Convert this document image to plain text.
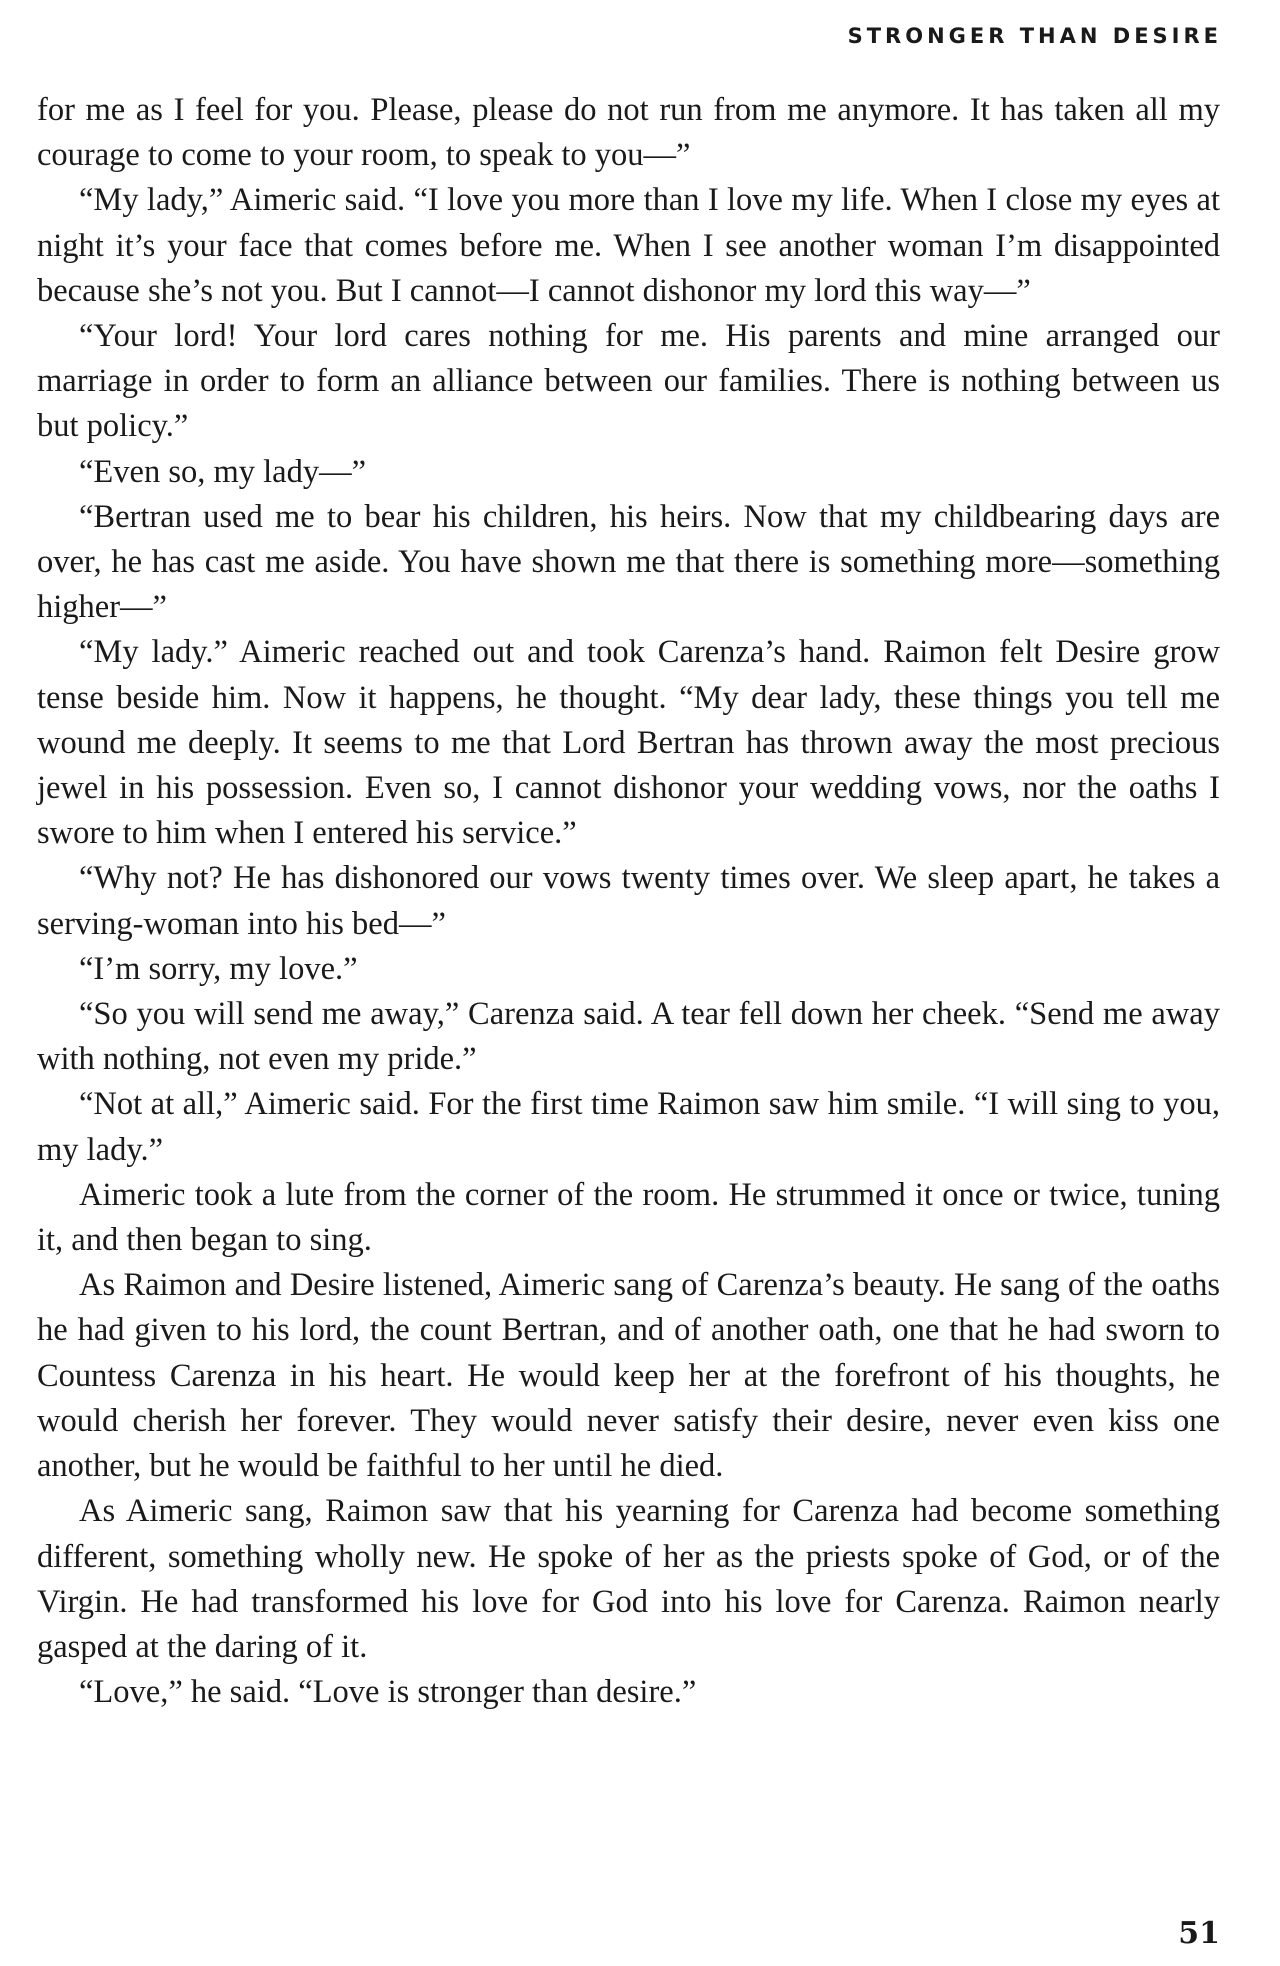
STRONGER THAN DESIRE

for me as I feel for you. Please, please do not run from me anymore. It has taken all my courage to come to your room, to speak to you—”

“My lady,” Aimeric said. “I love you more than I love my life. When I close my eyes at night it’s your face that comes before me. When I see another woman I’m disappointed because she’s not you. But I cannot—I cannot dishonor my lord this way—”

“Your lord! Your lord cares nothing for me. His parents and mine arranged our marriage in order to form an alliance between our families. There is nothing between us but policy.”

“Even so, my lady—”

“Bertran used me to bear his children, his heirs. Now that my childbearing days are over, he has cast me aside. You have shown me that there is something more—something higher—”

“My lady.” Aimeric reached out and took Carenza’s hand. Raimon felt Desire grow tense beside him. Now it happens, he thought. “My dear lady, these things you tell me wound me deeply. It seems to me that Lord Bertran has thrown away the most precious jewel in his possession. Even so, I cannot dishonor your wedding vows, nor the oaths I swore to him when I entered his service.”

“Why not? He has dishonored our vows twenty times over. We sleep apart, he takes a serving-woman into his bed—”

“I’m sorry, my love.”

“So you will send me away,” Carenza said. A tear fell down her cheek. “Send me away with nothing, not even my pride.”

“Not at all,” Aimeric said. For the first time Raimon saw him smile. “I will sing to you, my lady.”

Aimeric took a lute from the corner of the room. He strummed it once or twice, tuning it, and then began to sing.

As Raimon and Desire listened, Aimeric sang of Carenza’s beauty. He sang of the oaths he had given to his lord, the count Bertran, and of another oath, one that he had sworn to Countess Carenza in his heart. He would keep her at the forefront of his thoughts, he would cherish her forever. They would never satisfy their desire, never even kiss one another, but he would be faithful to her until he died.

As Aimeric sang, Raimon saw that his yearning for Carenza had become something different, something wholly new. He spoke of her as the priests spoke of God, or of the Virgin. He had transformed his love for God into his love for Carenza. Raimon nearly gasped at the daring of it.

“Love,” he said. “Love is stronger than desire.”

51
